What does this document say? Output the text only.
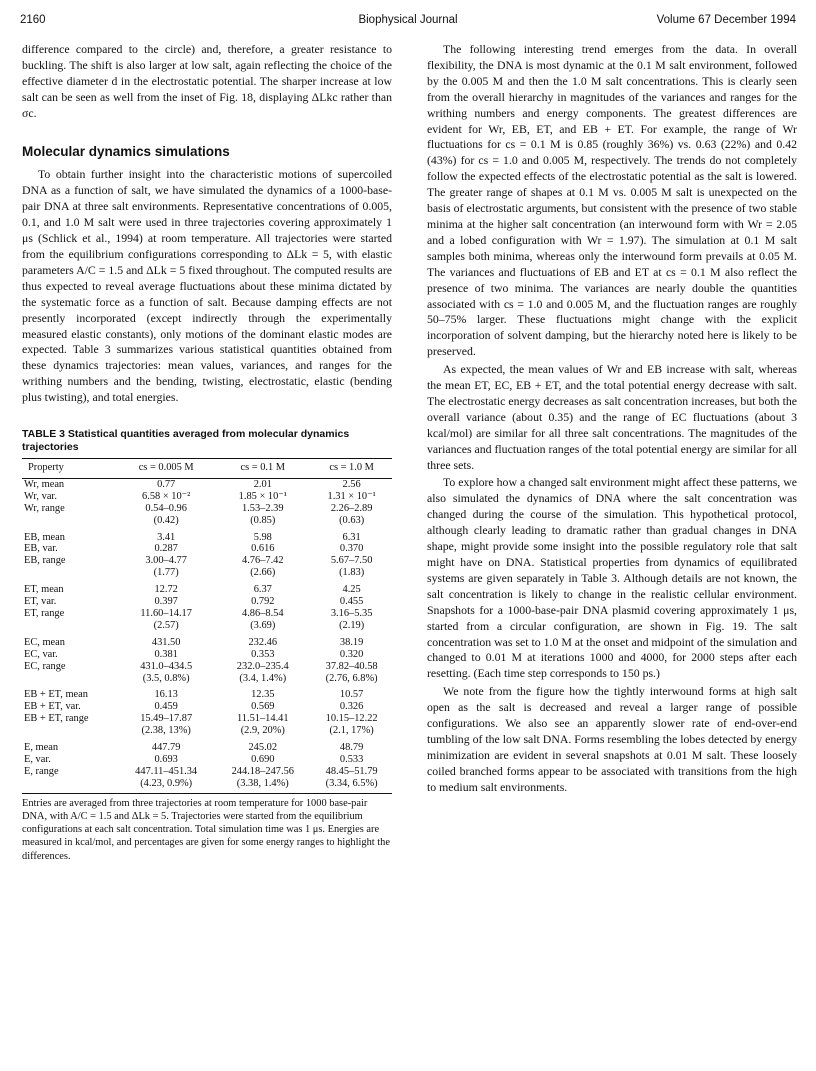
2160	Biophysical Journal	Volume 67 December 1994

difference compared to the circle) and, therefore, a greater resistance to buckling. The shift is also larger at low salt, again reflecting the choice of the effective diameter d in the electrostatic potential. The sharper increase at low salt can be seen as well from the inset of Fig. 18, displaying ΔLkc rather than σc.

Molecular dynamics simulations

To obtain further insight into the characteristic motions of supercoiled DNA as a function of salt, we have simulated the dynamics of a 1000-base-pair DNA at three salt environments. Representative concentrations of 0.005, 0.1, and 1.0 M salt were used in three trajectories covering approximately 1 μs (Schlick et al., 1994) at room temperature. All trajectories were started from the equilibrium configurations corresponding to ΔLk = 5, with elastic parameters A/C = 1.5 and ΔLk = 5 fixed throughout. The computed results are thus expected to reveal average fluctuations about these minima dictated by the systematic force as a function of salt. Because damping effects are not presently incorporated (except indirectly through the experimentally measured elastic constants), only motions of the dominant elastic modes are expected. Table 3 summarizes various statistical quantities obtained from these dynamics trajectories: mean values, variances, and ranges for the writhing numbers and the bending, twisting, electrostatic, elastic (bending plus twisting), and total energies.

TABLE 3 Statistical quantities averaged from molecular dynamics trajectories
Property	cs = 0.005 M	cs = 0.1 M	cs = 1.0 M
Wr, mean	0.77	2.01	2.56
Wr, var.	6.58 × 10⁻²	1.85 × 10⁻¹	1.31 × 10⁻¹
Wr, range	0.54–0.96	1.53–2.39	2.26–2.89
	(0.42)	(0.85)	(0.63)
EB, mean	3.41	5.98	6.31
EB, var.	0.287	0.616	0.370
EB, range	3.00–4.77	4.76–7.42	5.67–7.50
	(1.77)	(2.66)	(1.83)
ET, mean	12.72	6.37	4.25
ET, var.	0.397	0.792	0.455
ET, range	11.60–14.17	4.86–8.54	3.16–5.35
	(2.57)	(3.69)	(2.19)
EC, mean	431.50	232.46	38.19
EC, var.	0.381	0.353	0.320
EC, range	431.0–434.5	232.0–235.4	37.82–40.58
	(3.5, 0.8%)	(3.4, 1.4%)	(2.76, 6.8%)
EB + ET, mean	16.13	12.35	10.57
EB + ET, var.	0.459	0.569	0.326
EB + ET, range	15.49–17.87	11.51–14.41	10.15–12.22
	(2.38, 13%)	(2.9, 20%)	(2.1, 17%)
E, mean	447.79	245.02	48.79
E, var.	0.693	0.690	0.533
E, range	447.11–451.34	244.18–247.56	48.45–51.79
	(4.23, 0.9%)	(3.38, 1.4%)	(3.34, 6.5%)

Entries are averaged from three trajectories at room temperature for 1000 base-pair DNA, with A/C = 1.5 and ΔLk = 5. Trajectories were started from the equilibrium configurations at each salt concentration. Total simulation time was 1 μs. Energies are measured in kcal/mol, and percentages are given for some energy ranges to highlight the differences.

The following interesting trend emerges from the data. In overall flexibility, the DNA is most dynamic at the 0.1 M salt environment, followed by the 0.005 M and then the 1.0 M salt concentrations. This is clearly seen from the overall hierarchy in magnitudes of the variances and ranges for the writhing numbers and energy components. The greatest differences are evident for Wr, EB, ET, and EB + ET. For example, the range of Wr fluctuations for cs = 0.1 M is 0.85 (roughly 36%) vs. 0.63 (22%) and 0.42 (43%) for cs = 1.0 and 0.005 M, respectively. The trends do not completely follow the expected effects of the electrostatic potential as the salt is lowered. The greater range of shapes at 0.1 M vs. 0.005 M salt is unexpected on the basis of electrostatic arguments, but consistent with the presence of two stable minima at the higher salt concentration (an interwound form with Wr = 2.05 and a lobed configuration with Wr = 1.97). The simulation at 0.1 M salt samples both minima, whereas only the interwound form prevails at 0.05 M. The variances and fluctuations of EB and ET at cs = 0.1 M also reflect the presence of two minima. The variances are nearly double the quantities associated with cs = 1.0 and 0.005 M, and the fluctuation ranges are roughly 50–75% larger. These fluctuations might change with the explicit incorporation of solvent damping, but the hierarchy noted here is likely to be preserved.

As expected, the mean values of Wr and EB increase with salt, whereas the mean ET, EC, EB + ET, and the total potential energy decrease with salt. The electrostatic energy decreases as salt concentration increases, but both the overall variance (about 0.35) and the range of EC fluctuations (about 3 kcal/mol) are similar for all three salt concentrations. The magnitudes of the variances and fluctuation ranges of the total potential energy are similar for all three sets.

To explore how a changed salt environment might affect these patterns, we also simulated the dynamics of DNA where the salt concentration was changed during the course of the simulation. This hypothetical protocol, although clearly leading to dramatic rather than gradual changes in DNA shape, might provide some insight into the possible regulatory role that salt might have on DNA. Statistical properties from dynamics of equilibrated systems are given separately in Table 3. Although details are not known, the salt concentration is likely to change in the realistic cellular environment. Snapshots for a 1000-base-pair DNA plasmid covering approximately 1 μs, started from a circular configuration, are shown in Fig. 19. The salt concentration was set to 1.0 M at the onset and midpoint of the simulation and changed to 0.01 M at iterations 1000 and 4000, for 2000 steps after each resetting. (Each time step corresponds to 150 ps.)

We note from the figure how the tightly interwound forms at high salt open as the salt is decreased and reveal a larger range of possible configurations. We also see an apparently slower rate of end-over-end tumbling of the low salt DNA. Forms resembling the lobes detected by energy minimization are evident in several snapshots at 0.01 M salt. These loosely coiled branched forms appear to be associated with transitions from the high to medium salt environments.
